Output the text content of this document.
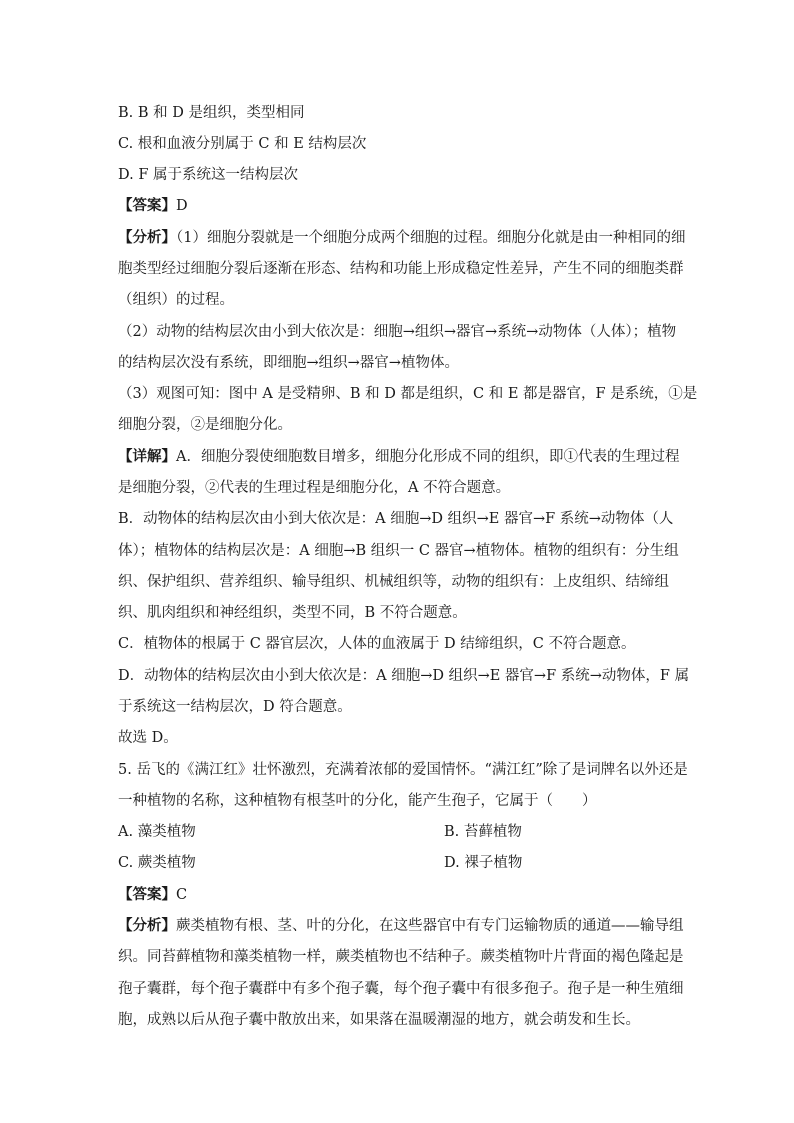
B. B 和 D 是组织，类型相同
C. 根和血液分别属于 C 和 E 结构层次
D. F 属于系统这一结构层次
【答案】D
【分析】（1）细胞分裂就是一个细胞分成两个细胞的过程。细胞分化就是由一种相同的细
胞类型经过细胞分裂后逐渐在形态、结构和功能上形成稳定性差异，产生不同的细胞类群
（组织）的过程。
（2）动物的结构层次由小到大依次是：细胞→组织→器官→系统→动物体（人体）；植物
的结构层次没有系统，即细胞→组织→器官→植物体。
（3）观图可知：图中 A 是受精卵、B 和 D 都是组织，C 和 E 都是器官，F 是系统，①是
细胞分裂，②是细胞分化。
【详解】A．细胞分裂使细胞数目增多，细胞分化形成不同的组织，即①代表的生理过程
是细胞分裂，②代表的生理过程是细胞分化，A 不符合题意。
B．动物体的结构层次由小到大依次是：A 细胞→D 组织→E 器官→F 系统→动物体（人
体）；植物体的结构层次是：A 细胞→B 组织一 C 器官→植物体。植物的组织有：分生组
织、保护组织、营养组织、输导组织、机械组织等，动物的组织有：上皮组织、结缔组
织、肌肉组织和神经组织，类型不同，B 不符合题意。
C．植物体的根属于 C 器官层次，人体的血液属于 D 结缔组织，C 不符合题意。
D．动物体的结构层次由小到大依次是：A 细胞→D 组织→E 器官→F 系统→动物体，F 属
于系统这一结构层次，D 符合题意。
故选 D。
5. 岳飞的《满江红》壮怀激烈，充满着浓郁的爱国情怀。“满江红”除了是词牌名以外还是
一种植物的名称，这种植物有根茎叶的分化，能产生孢子，它属于（　　）
A. 藻类植物	B. 苔藓植物
C. 蕨类植物	D. 裸子植物
【答案】C
【分析】蕨类植物有根、茎、叶的分化，在这些器官中有专门运输物质的通道——输导组
织。同苔藓植物和藻类植物一样，蕨类植物也不结种子。蕨类植物叶片背面的褐色隆起是
孢子囊群，每个孢子囊群中有多个孢子囊，每个孢子囊中有很多孢子。孢子是一种生殖细
胞，成熟以后从孢子囊中散放出来，如果落在温暖潮湿的地方，就会萌发和生长。
